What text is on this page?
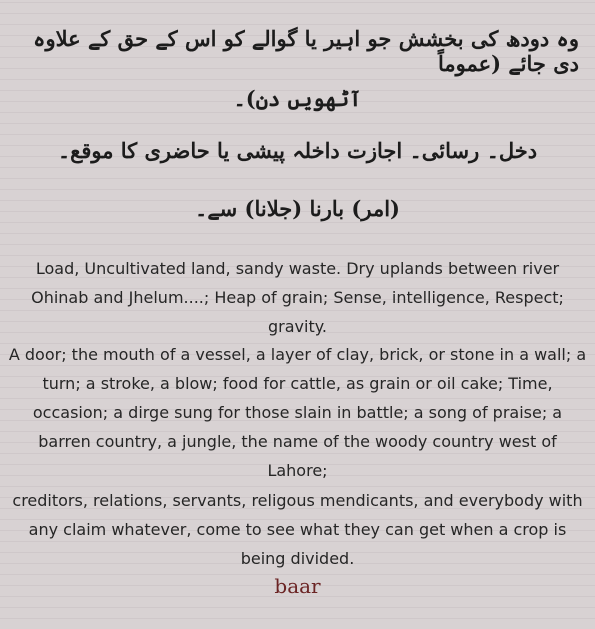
وہ دودھ کی بخشش جو اہیر یا گوالے کو اس کے حق کے علاوہ دی جائے (عموماً
آٹھویں دن)۔
دخل۔ رسائی۔ اجازت داخلہ پیشی یا حاضری کا موقع۔
(امر) بارنا (جلانا) سے۔
Load, Uncultivated land, sandy waste. Dry uplands between river Ohinab and Jhelum....; Heap of grain; Sense, intelligence, Respect; gravity.
A door; the mouth of a vessel, a layer of clay, brick, or stone in a wall; a turn; a stroke, a blow; food for cattle, as grain or oil cake; Time, occasion; a dirge sung for those slain in battle; a song of praise; a barren country, a jungle, the name of the woody country west of Lahore;
creditors, relations, servants, religous mendicants, and everybody with any claim whatever, come to see what they can get when a crop is being divided.
baar
